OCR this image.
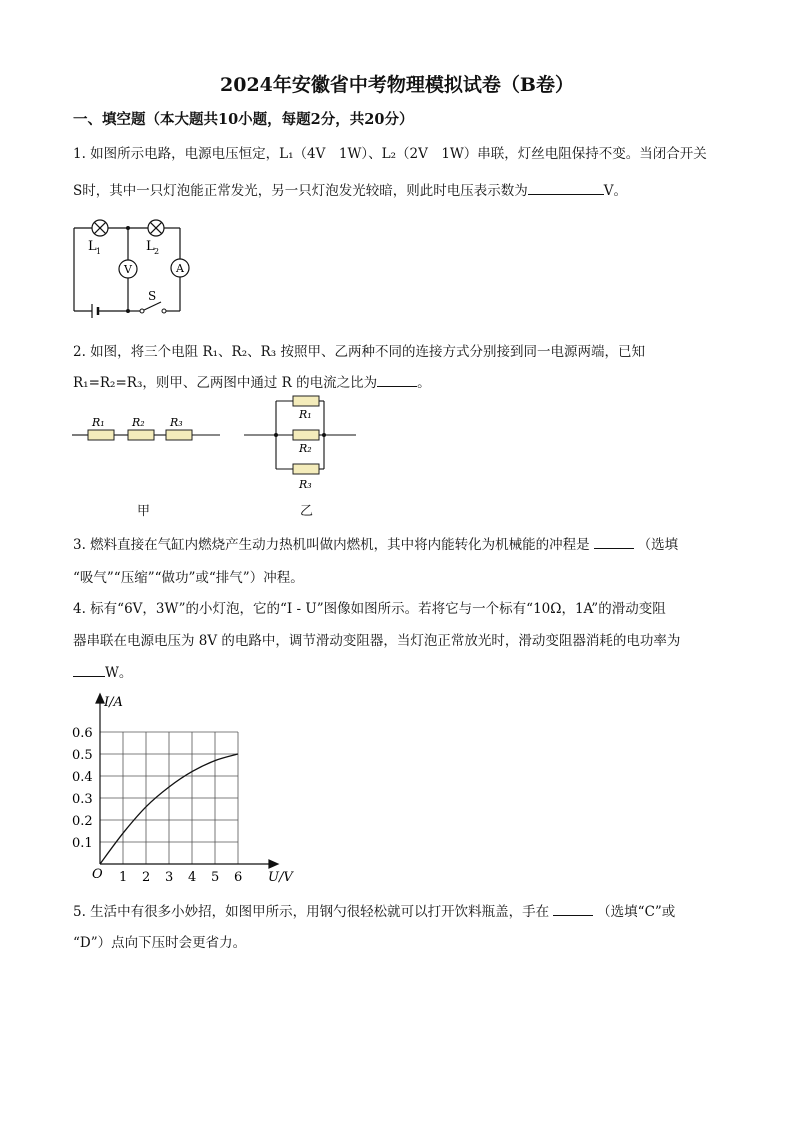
2024年安徽省中考物理模拟试卷（B卷）
一、填空题（本大题共10小题，每题2分，共20分）
1. 如图所示电路，电源电压恒定，L₁（4V　1W）、L₂（2V　1W）串联，灯丝电阻保持不变。当闭合开关
S时，其中一只灯泡能正常发光，另一只灯泡发光较暗，则此时电压表示数为	V。
V	A
L 1	L 2
S
2. 如图，将三个电阻 R₁、R₂、R₃ 按照甲、乙两种不同的连接方式分别接到同一电源两端，已知
R₁=R₂=R₃，则甲、乙两图中通过 R 的电流之比为	。
R₁ R₂ R₃
R₁
R₂
R₃
甲	乙
3. 燃料直接在气缸内燃烧产生动力热机叫做内燃机，其中将内能转化为机械能的冲程是	（选填
“吸气”“压缩”“做功”或“排气”）冲程。
4. 标有“6V，3W”的小灯泡，它的“I - U”图像如图所示。若将它与一个标有“10Ω，1A”的滑动变阻
器串联在电源电压为 8V 的电路中，调节滑动变阻器，当灯泡正常放光时，滑动变阻器消耗的电功率为
W。
1 2 3 4 5 6
0.1
0.2
0.3
0.4
0.5
0.6
I/A
U/V
O
5. 生活中有很多小妙招，如图甲所示，用钢勺很轻松就可以打开饮料瓶盖，手在	（选填“C”或
“D”）点向下压时会更省力。
